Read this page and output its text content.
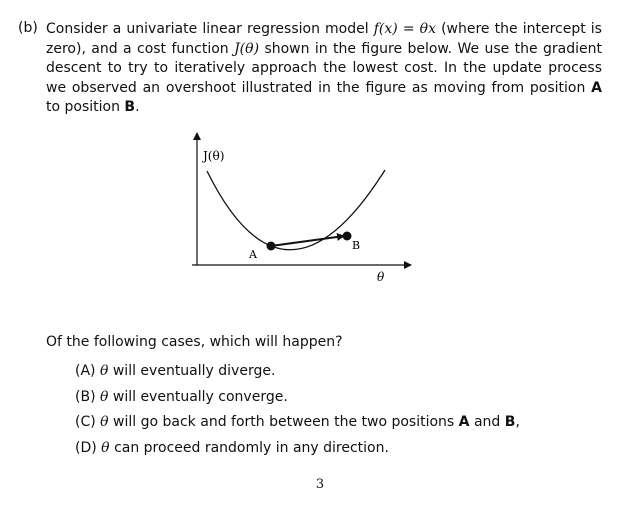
(b) Consider a univariate linear regression model f(x) = θx (where the intercept is zero), and a cost function J(θ) shown in the figure below. We use the gradient descent to try to iteratively approach the lowest cost. In the update process we observed an overshoot illustrated in the figure as moving from position A to position B.
J(θ)
θ
A
B
Of the following cases, which will happen?
(A) θ will eventually diverge.
(B) θ will eventually converge.
(C) θ will go back and forth between the two positions A and B,
(D) θ can proceed randomly in any direction.
3
